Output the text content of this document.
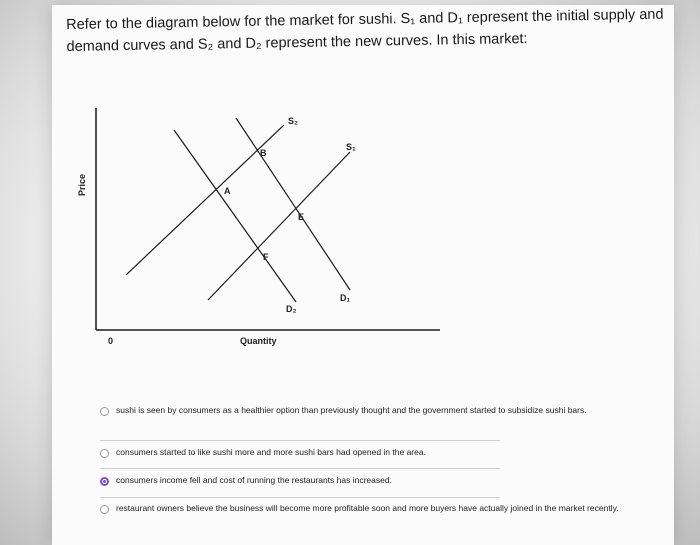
Refer to the diagram below for the market for sushi. S₁ and D₁ represent the initial supply and
demand curves and S₂ and D₂ represent the new curves. In this market:
Price
Quantity
0
S₂
S₁
D₁
D₂
A
B
E
F
sushi is seen by consumers as a healthier option than previously thought and the government started to subsidize sushi bars.
consumers started to like sushi more and more sushi bars had opened in the area.
consumers income fell and cost of running the restaurants has increased.
restaurant owners believe the business will become more profitable soon and more buyers have actually joined in the market recently.
